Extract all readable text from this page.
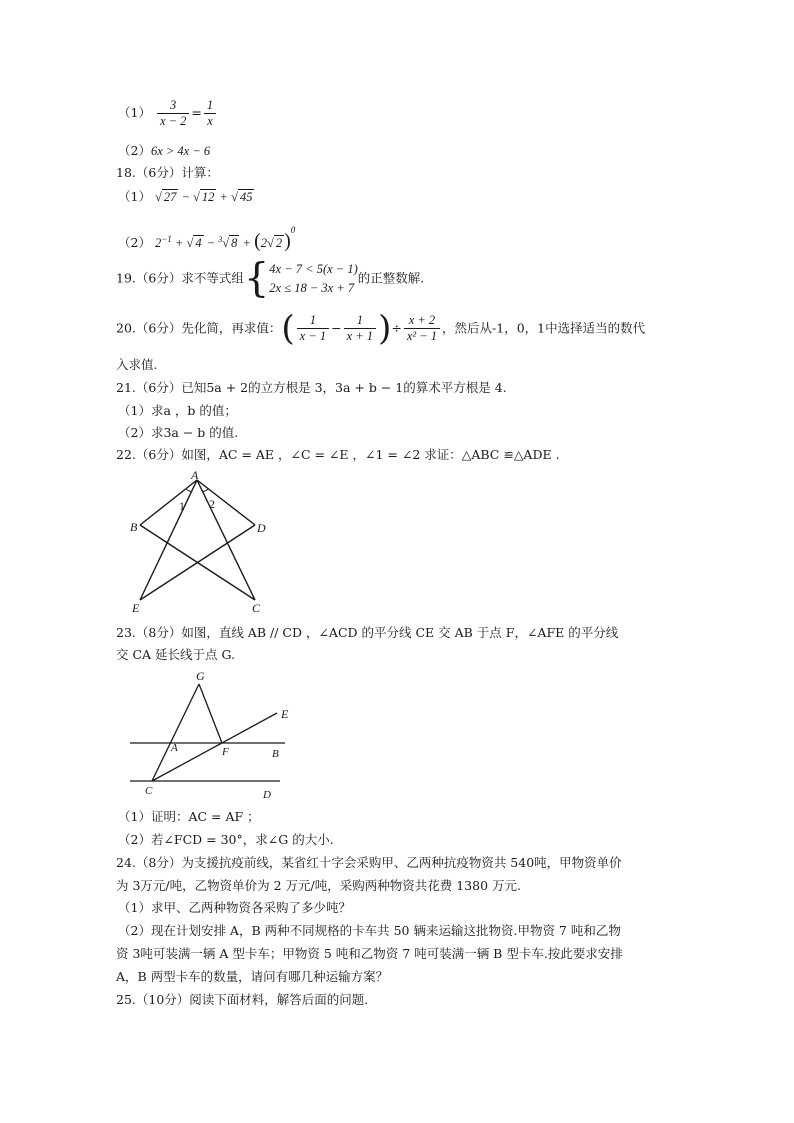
$(1) \frac{3}{x - 2} = \frac{1}{x}$
（2）6x > 4x − 6
18.（6分）计算：
（1） √ 27 − √ 12 + √ 45
（2） $2^{-1}$ + √ 4 − $^3$√ 8 + (2√ 2 )$^0$
19.（6分）求不等式组{ 4x − 7 < 5(x − 1)
2x ≤ 18 − 3x + 7
的正整数解.
20.（6分）先化简，再求值：( $\frac{1}{x - 1} - \frac{1}{x + 1}$ )÷ $\frac{x + 2}{\text{x² − 1}}$ ，然后从-1，0，1中选择适当的数代
入求值.
21.（6分）已知5a + 2的立方根是 3，3a + b − 1的算术平方根是 4.
（1）求a ，b 的值；
（2）求3a − b 的值.
22.（6分）如图，AC = AE ，∠C = ∠E ，∠1 = ∠2 求证：△ABC ≌△ADE .
A
B
C
D
E
1 2
23.（8分）如图，直线 AB // CD ，∠ACD 的平分线 CE 交 AB 于点 F，∠AFE 的平分线
交 CA 延长线于点 G.
G
E
A	F	B
C	D
（1）证明：AC = AF ；
（2）若∠FCD = 30°，求∠G 的大小.
24.（8分）为支援抗疫前线，某省红十字会采购甲、乙两种抗疫物资共 540吨，甲物资单价
为 3万元/吨，乙物资单价为 2 万元/吨，采购两种物资共花费 1380 万元.
（1）求甲、乙两种物资各采购了多少吨？
（2）现在计划安排 A，B 两种不同规格的卡车共 50 辆来运输这批物资.甲物资 7 吨和乙物
资 3吨可装满一辆 A 型卡车；甲物资 5 吨和乙物资 7 吨可装满一辆 B 型卡车.按此要求安排
A，B 两型卡车的数量，请问有哪几种运输方案？
25.（10分）阅读下面材料，解答后面的问题.
